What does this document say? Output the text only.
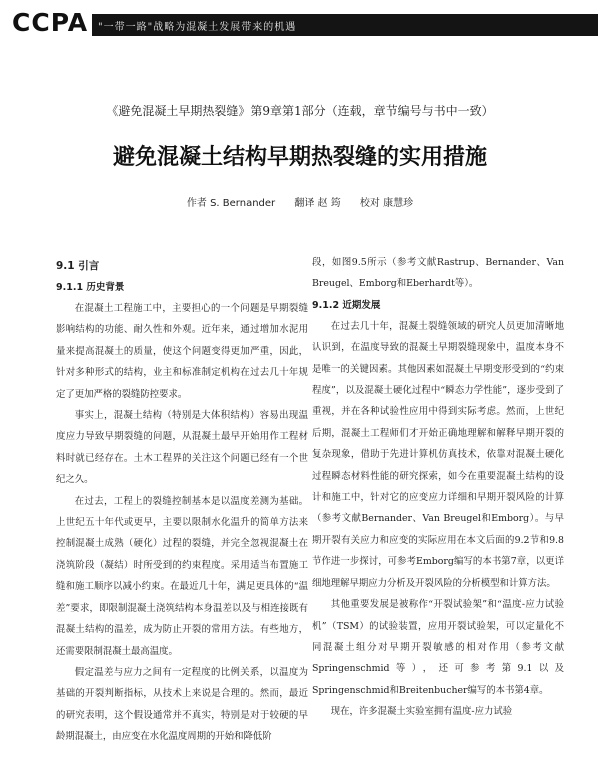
CCPA "一带一路"战略为混凝土发展带来的机遇
《避免混凝土早期热裂缝》第9章第1部分（连载，章节编号与书中一致）
避免混凝土结构早期热裂缝的实用措施
作者 S. Bernander 翻译 赵 筠 校对 康慧珍
9.1 引言
9.1.1 历史背景

在混凝土工程施工中，主要担心的一个问题是早期裂缝影响结构的功能、耐久性和外观。近年来，通过增加水泥用量来提高混凝土的质量，使这个问题变得更加严重，因此，针对多种形式的结构，业主和标准制定机构在过去几十年规定了更加严格的裂缝防控要求。

事实上，混凝土结构（特别是大体积结构）容易出现温度应力导致早期裂缝的问题，从混凝土最早开始用作工程材料时就已经存在。土木工程界的关注这个问题已经有一个世纪之久。

在过去，工程上的裂缝控制基本是以温度差测为基础。上世纪五十年代或更早，主要以限制水化温升的简单方法来控制混凝土成熟（硬化）过程的裂缝，并完全忽视混凝土在浇筑阶段（凝结）时所受到的约束程度。采用适当布置施工缝和施工顺序以减小约束。在最近几十年，满足更具体的“温差”要求，即限制混凝土浇筑结构本身温差以及与相连接既有混凝土结构的温差，成为防止开裂的常用方法。有些地方，还需要限制混凝土最高温度。

假定温差与应力之间有一定程度的比例关系，以温度为基础的开裂判断指标，从技术上来说是合理的。然而，最近的研究表明，这个假设通常并不真实，特别是对于较硬的早龄期混凝土，由应变在水化温度周期的开始和降低阶

段，如图9.5所示（参考文献Rastrup、Bernander、Van Breugel、Emborg和Eberhardt等）。

9.1.2 近期发展

在过去几十年，混凝土裂缝领域的研究人员更加清晰地认识到，在温度导致的混凝土早期裂缝现象中，温度本身不是唯一的关键因素。其他因素如混凝土早期变形受到的“约束程度”，以及混凝土硬化过程中“瞬态力学性能”，逐步受到了重视，并在各种试验性应用中得到实际考虑。然而，上世纪后期，混凝土工程师们才开始正确地理解和解释早期开裂的复杂现象，借助于先进计算机仿真技术，依靠对混凝土硬化过程瞬态材料性能的研究探索，如今在重要混凝土结构的设计和施工中，针对它的应变应力详细和早期开裂风险的计算（参考文献Bernander、Van Breugel和Emborg）。与早期开裂有关应力和应变的实际应用在本文后面的9.2节和9.8节作进一步探讨，可参考Emborg编写的本书第7章，以更详细地理解早期应力分析及开裂风险的分析模型和计算方法。

其他重要发展是被称作“开裂试验架”和“温度-应力试验机”（TSM）的试验装置，应用开裂试验架，可以定量化不同混凝土组分对早期开裂敏感的相对作用（参考文献Springenschmid等），还可参考第9.1以及Springenschmid和Breitenbucher编写的本书第4章。

现在，许多混凝土实验室拥有温度-应力试验
